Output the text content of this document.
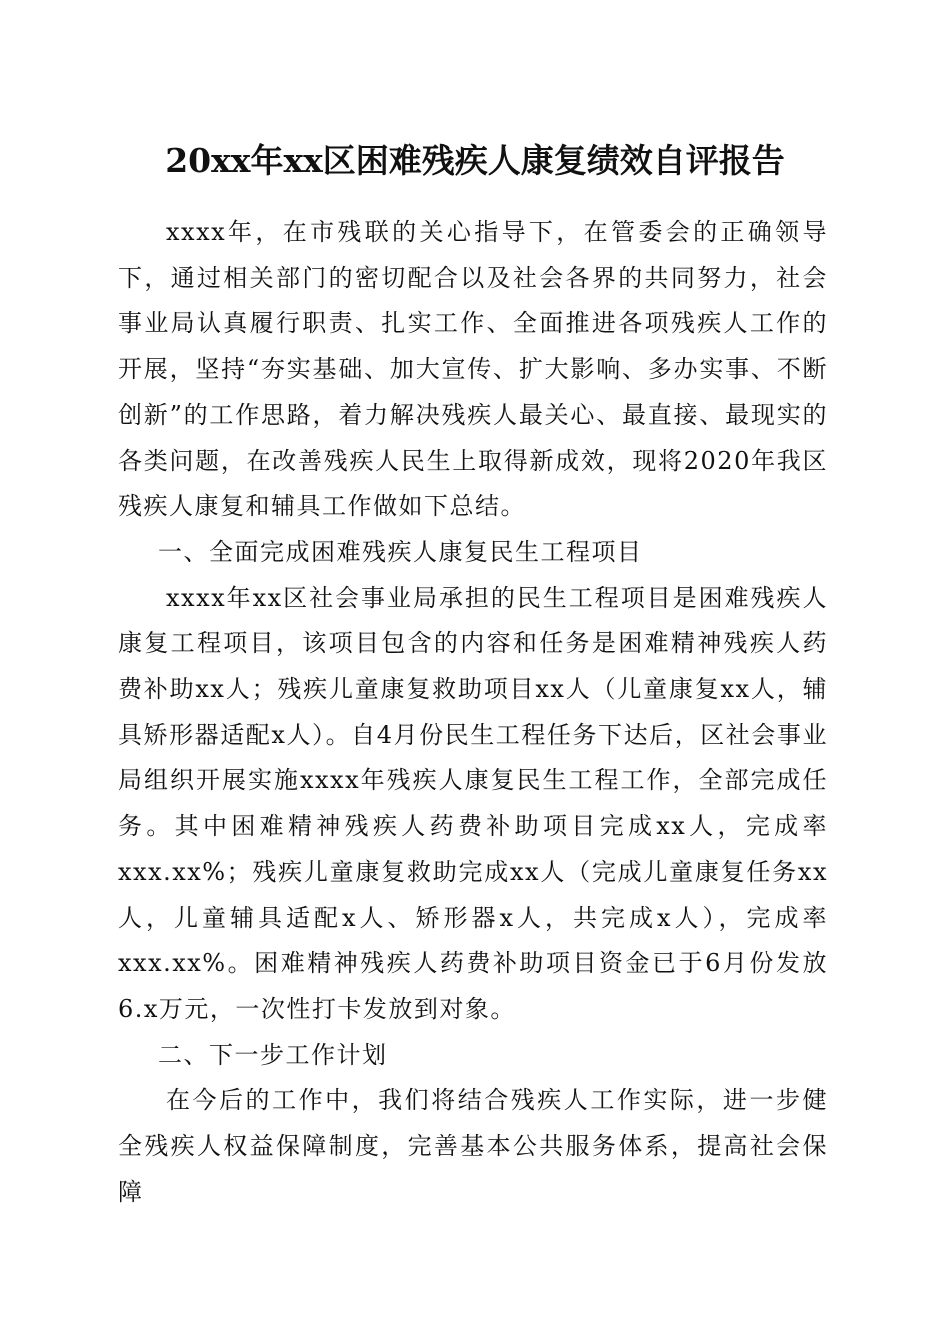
20xx年xx区困难残疾人康复绩效自评报告

xxxx年，在市残联的关心指导下，在管委会的正确领导下，通过相关部门的密切配合以及社会各界的共同努力，社会事业局认真履行职责、扎实工作、全面推进各项残疾人工作的开展，坚持“夯实基础、加大宣传、扩大影响、多办实事、不断创新”的工作思路，着力解决残疾人最关心、最直接、最现实的各类问题，在改善残疾人民生上取得新成效，现将2020年我区残疾人康复和辅具工作做如下总结。

一、全面完成困难残疾人康复民生工程项目

xxxx年xx区社会事业局承担的民生工程项目是困难残疾人康复工程项目，该项目包含的内容和任务是困难精神残疾人药费补助xx人；残疾儿童康复救助项目xx人（儿童康复xx人，辅具矫形器适配x人）。自4月份民生工程任务下达后，区社会事业局组织开展实施xxxx年残疾人康复民生工程工作，全部完成任务。其中困难精神残疾人药费补助项目完成xx人，完成率xxx.xx%；残疾儿童康复救助完成xx人（完成儿童康复任务xx人，儿童辅具适配x人、矫形器x人，共完成x人），完成率xxx.xx%。困难精神残疾人药费补助项目资金已于6月份发放6.x万元，一次性打卡发放到对象。

二、下一步工作计划

在今后的工作中，我们将结合残疾人工作实际，进一步健全残疾人权益保障制度，完善基本公共服务体系，提高社会保障
